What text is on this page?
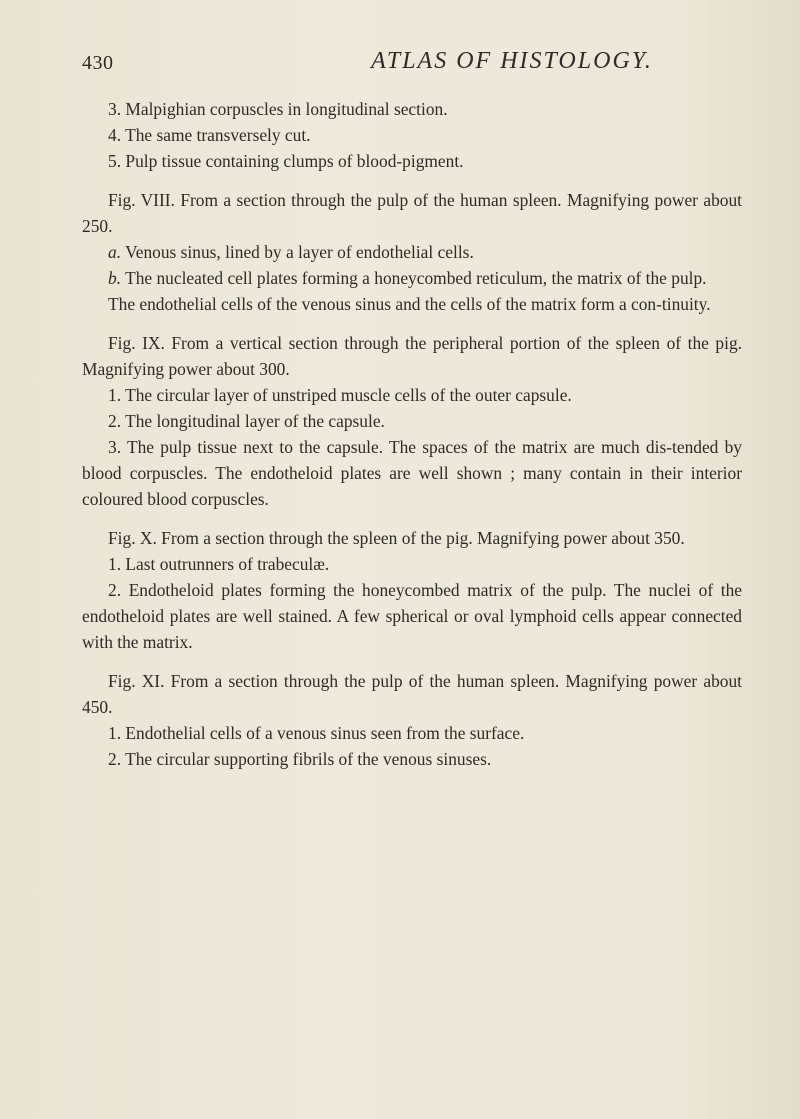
430	ATLAS OF HISTOLOGY.

3. Malpighian corpuscles in longitudinal section.

4. The same transversely cut.

5. Pulp tissue containing clumps of blood-pigment.

Fig. VIII. From a section through the pulp of the human spleen. Magnifying power about 250.

a. Venous sinus, lined by a layer of endothelial cells.

b. The nucleated cell plates forming a honeycombed reticulum, the matrix of the pulp.

The endothelial cells of the venous sinus and the cells of the matrix form a con-tinuity.

Fig. IX. From a vertical section through the peripheral portion of the spleen of the pig. Magnifying power about 300.

1. The circular layer of unstriped muscle cells of the outer capsule.

2. The longitudinal layer of the capsule.

3. The pulp tissue next to the capsule. The spaces of the matrix are much dis-tended by blood corpuscles. The endotheloid plates are well shown ; many contain in their interior coloured blood corpuscles.

Fig. X. From a section through the spleen of the pig. Magnifying power about 350.

1. Last outrunners of trabeculæ.

2. Endotheloid plates forming the honeycombed matrix of the pulp. The nuclei of the endotheloid plates are well stained. A few spherical or oval lymphoid cells appear connected with the matrix.

Fig. XI. From a section through the pulp of the human spleen. Magnifying power about 450.

1. Endothelial cells of a venous sinus seen from the surface.

2. The circular supporting fibrils of the venous sinuses.
